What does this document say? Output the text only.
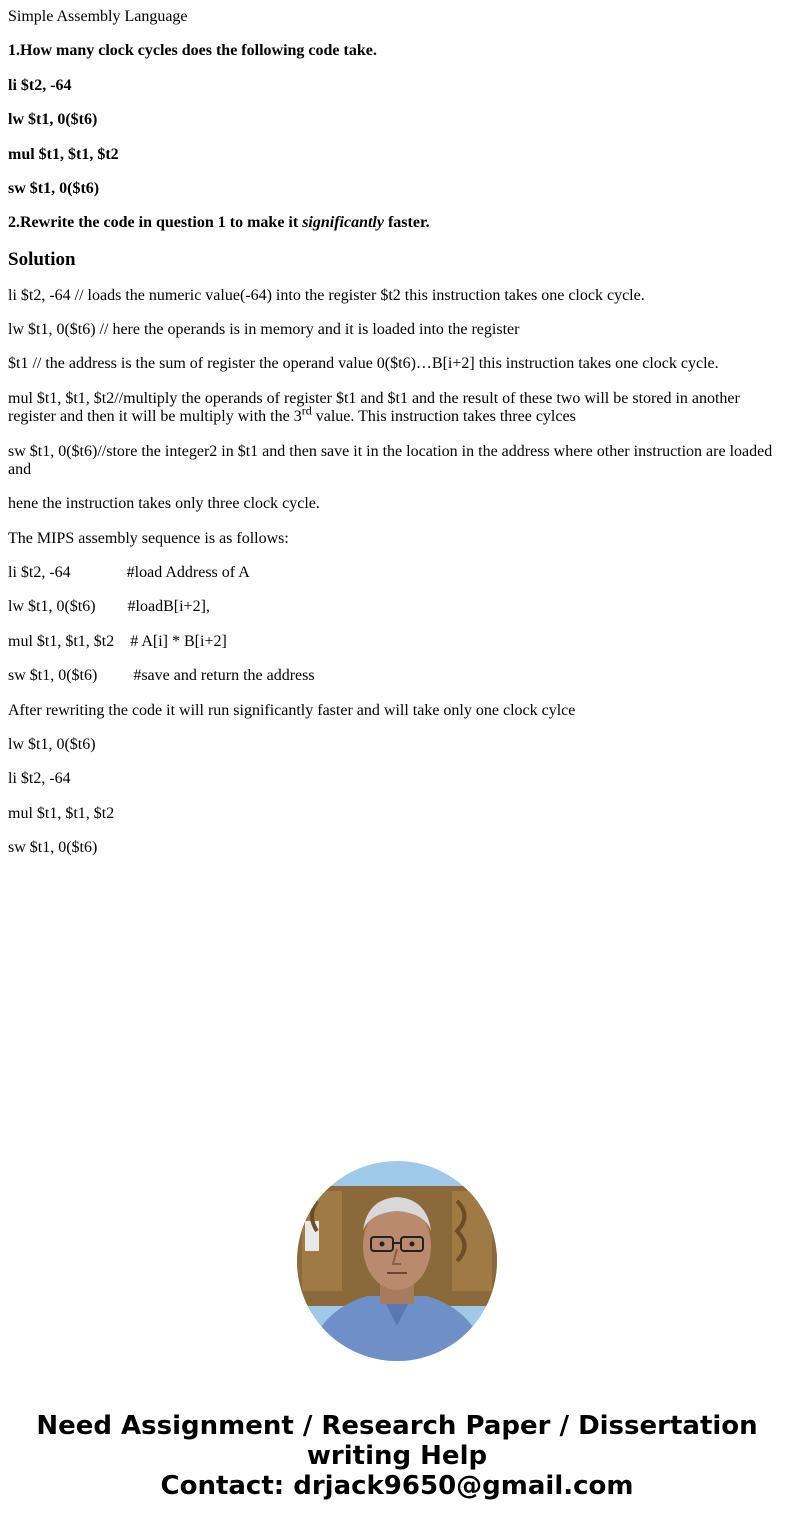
Simple Assembly Language

1.How many clock cycles does the following code take.

li $t2, -64

lw $t1, 0($t6)

mul $t1, $t1, $t2

sw $t1, 0($t6)

2.Rewrite the code in question 1 to make it significantly faster.

Solution

li $t2, -64 // loads the numeric value(-64) into the register $t2 this instruction takes one clock cycle.

lw $t1, 0($t6) // here the operands is in memory and it is loaded into the register

$t1 // the address is the sum of register the operand value 0($t6)…B[i+2] this instruction takes one clock cycle.

mul $t1, $t1, $t2//multiply the operands of register $t1 and $t1 and the result of these two will be stored in another register and then it will be multiply with the 3rd value. This instruction takes three cylces

sw $t1, 0($t6)//store the integer2 in $t1 and then save it in the location in the address where other instruction are loaded and

hene the instruction takes only three clock cycle.

The MIPS assembly sequence is as follows:

li $t2, -64	#load Address of A

lw $t1, 0($t6) #loadB[i+2],

mul $t1, $t1, $t2 # A[i] * B[i+2]

sw $t1, 0($t6) #save and return the address

After rewriting the code it will run significantly faster and will take only one clock cylce

lw $t1, 0($t6)

li $t2, -64

mul $t1, $t1, $t2

sw $t1, 0($t6)

Need Assignment / Research Paper / Dissertation
writing Help
Contact: drjack9650@gmail.com
